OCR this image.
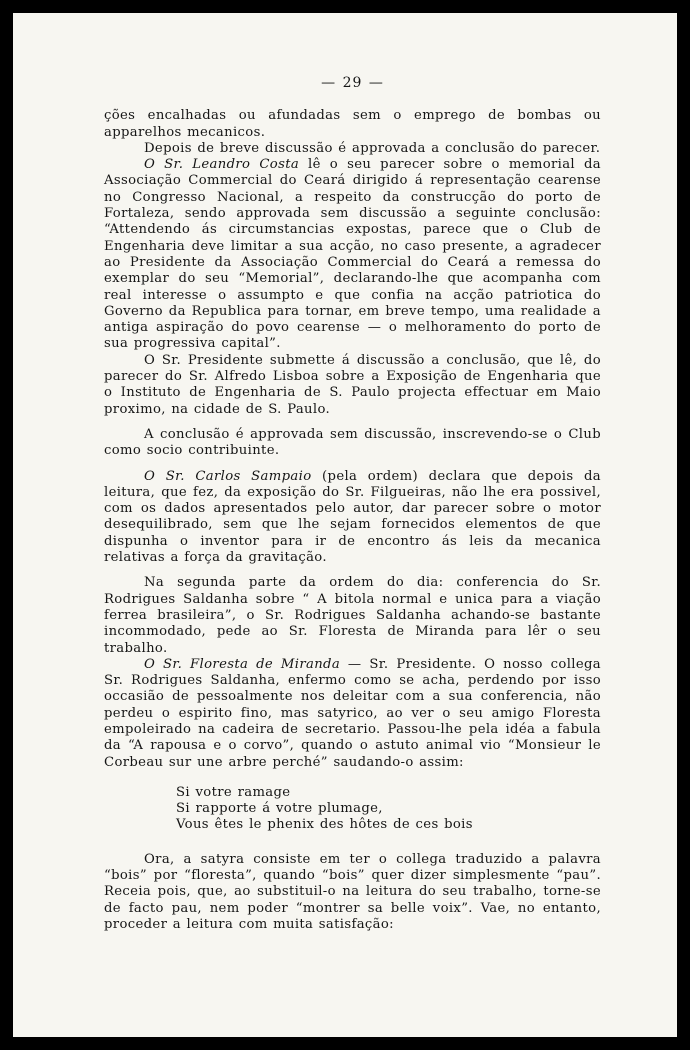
— 29 —

ções encalhadas ou afundadas sem o emprego de bombas ou apparelhos mecanicos.

Depois de breve discussão é approvada a conclusão do parecer.

O Sr. Leandro Costa lê o seu parecer sobre o memorial da Associação Commercial do Ceará dirigido á representação cearense no Congresso Nacional, a respeito da construcção do porto de Fortaleza, sendo approvada sem discussão a seguinte conclusão: “Attendendo ás circumstancias expostas, parece que o Club de Engenharia deve limitar a sua acção, no caso presente, a agradecer ao Presidente da Associação Commercial do Ceará a remessa do exemplar do seu “Memorial”, declarando-lhe que acompanha com real interesse o assumpto e que confia na acção patriotica do Governo da Republica para tornar, em breve tempo, uma realidade a antiga aspiração do povo cearense — o melhoramento do porto de sua progressiva capital”.

O Sr. Presidente submette á discussão a conclusão, que lê, do parecer do Sr. Alfredo Lisboa sobre a Exposição de Engenharia que o Instituto de Engenharia de S. Paulo projecta effectuar em Maio proximo, na cidade de S. Paulo.

A conclusão é approvada sem discussão, inscrevendo-se o Club como socio contribuinte.

O Sr. Carlos Sampaio (pela ordem) declara que depois da leitura, que fez, da exposição do Sr. Filgueiras, não lhe era possivel, com os dados apresentados pelo autor, dar parecer sobre o motor desequilibrado, sem que lhe sejam fornecidos elementos de que dispunha o inventor para ir de encontro ás leis da mecanica relativas a força da gravitação.

Na segunda parte da ordem do dia: conferencia do Sr. Rodrigues Saldanha sobre “ A bitola normal e unica para a viação ferrea brasileira”, o Sr. Rodrigues Saldanha achando-se bastante incommodado, pede ao Sr. Floresta de Miranda para lêr o seu trabalho.

O Sr. Floresta de Miranda — Sr. Presidente. O nosso collega Sr. Rodrigues Saldanha, enfermo como se acha, perdendo por isso occasião de pessoalmente nos deleitar com a sua conferencia, não perdeu o espirito fino, mas satyrico, ao ver o seu amigo Floresta empoleirado na cadeira de secretario. Passou-lhe pela idéa a fabula da “A rapousa e o corvo”, quando o astuto animal vio “Monsieur le Corbeau sur une arbre perché” saudando-o assim:

Si votre ramage
Si rapporte á votre plumage,
Vous êtes le phenix des hôtes de ces bois

Ora, a satyra consiste em ter o collega traduzido a palavra “bois” por “floresta”, quando “bois” quer dizer simplesmente “pau”. Receia pois, que, ao substituil-o na leitura do seu trabalho, torne-se de facto pau, nem poder “montrer sa belle voix”. Vae, no entanto, proceder a leitura com muita satisfação:
